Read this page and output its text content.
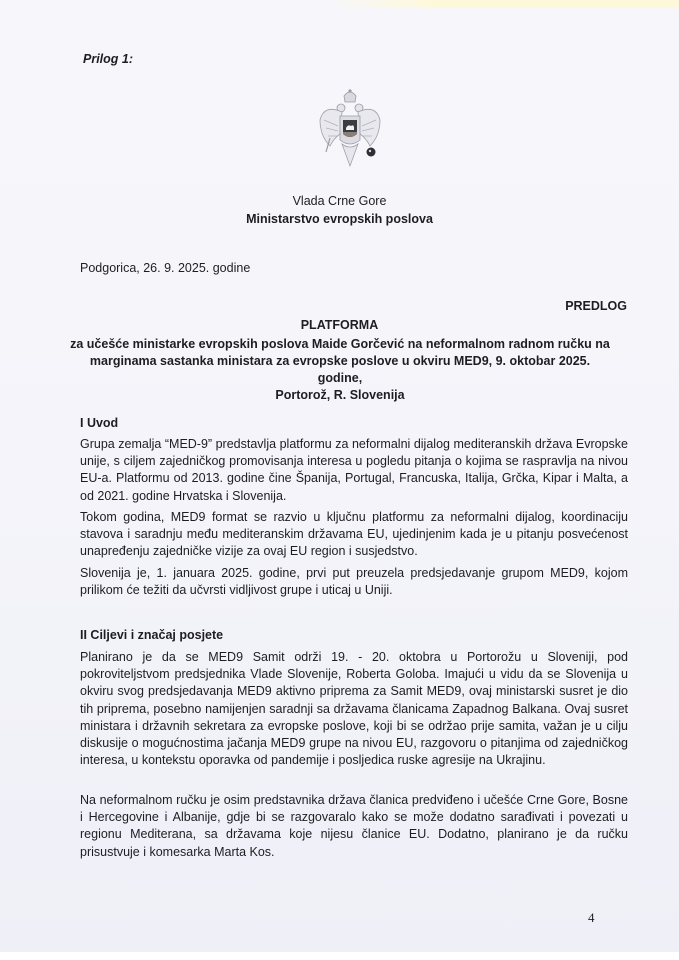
Prilog 1:
Vlada Crne Gore
Ministarstvo evropskih poslova
Podgorica, 26. 9. 2025. godine
PREDLOG
PLATFORMA
za učešće ministarke evropskih poslova Maide Gorčević na neformalnom radnom ručku na
marginama sastanka ministara za evropske poslove u okviru MED9, 9. oktobar 2025. godine,
Portorož, R. Slovenija
I Uvod
Grupa zemalja “MED-9” predstavlja platformu za neformalni dijalog mediteranskih država Evropske unije, s ciljem zajedničkog promovisanja interesa u pogledu pitanja o kojima se raspravlja na nivou EU-a. Platformu od 2013. godine čine Španija, Portugal, Francuska, Italija, Grčka, Kipar i Malta, a od 2021. godine Hrvatska i Slovenija.
Tokom godina, MED9 format se razvio u ključnu platformu za neformalni dijalog, koordinaciju stavova i saradnju među mediteranskim državama EU, ujedinjenim kada je u pitanju posvećenost unapređenju zajedničke vizije za ovaj EU region i susjedstvo.
Slovenija je, 1. januara 2025. godine, prvi put preuzela predsjedavanje grupom MED9, kojom prilikom će težiti da učvrsti vidljivost grupe i uticaj u Uniji.
II Ciljevi i značaj posjete
Planirano je da se MED9 Samit održi 19. - 20. oktobra u Portorožu u Sloveniji, pod pokroviteljstvom predsjednika Vlade Slovenije, Roberta Goloba. Imajući u vidu da se Slovenija u okviru svog predsjedavanja MED9 aktivno priprema za Samit MED9, ovaj ministarski susret je dio tih priprema, posebno namijenjen saradnji sa državama članicama Zapadnog Balkana. Ovaj susret ministara i državnih sekretara za evropske poslove, koji bi se održao prije samita, važan je u cilju diskusije o mogućnostima jačanja MED9 grupe na nivou EU, razgovoru o pitanjima od zajedničkog interesa, u kontekstu oporavka od pandemije i posljedica ruske agresije na Ukrajinu.
Na neformalnom ručku je osim predstavnika država članica predviđeno i učešće Crne Gore, Bosne i Hercegovine i Albanije, gdje bi se razgovaralo kako se može dodatno sarađivati i povezati u regionu Mediterana, sa državama koje nijesu članice EU. Dodatno, planirano je da ručku prisustvuje i komesarka Marta Kos.
4
